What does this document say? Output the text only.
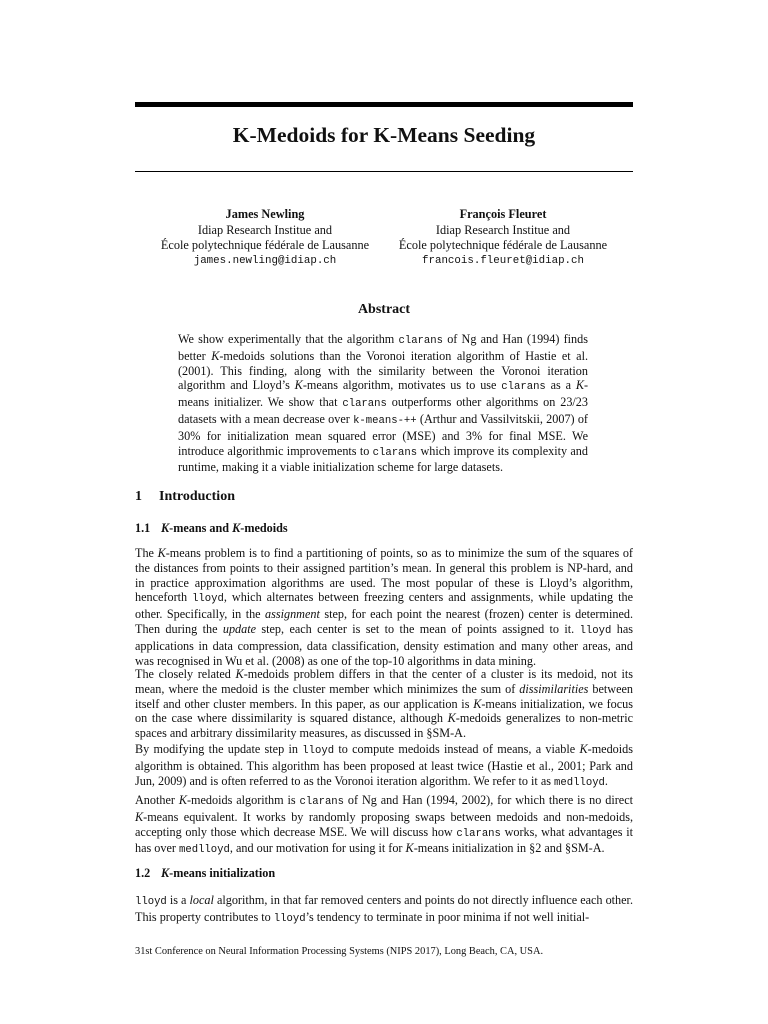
K-Medoids for K-Means Seeding
James Newling
Idiap Research Institue and
École polytechnique fédérale de Lausanne
james.newling@idiap.ch
François Fleuret
Idiap Research Institue and
École polytechnique fédérale de Lausanne
francois.fleuret@idiap.ch
Abstract
We show experimentally that the algorithm clarans of Ng and Han (1994) finds better K-medoids solutions than the Voronoi iteration algorithm of Hastie et al. (2001). This finding, along with the similarity between the Voronoi iteration algorithm and Lloyd’s K-means algorithm, motivates us to use clarans as a K-means initializer. We show that clarans outperforms other algorithms on 23/23 datasets with a mean decrease over k-means-++ (Arthur and Vassilvitskii, 2007) of 30% for initialization mean squared error (MSE) and 3% for final MSE. We introduce algorithmic improvements to clarans which improve its complexity and runtime, making it a viable initialization scheme for large datasets.
1 Introduction
1.1 K-means and K-medoids
The K-means problem is to find a partitioning of points, so as to minimize the sum of the squares of the distances from points to their assigned partition’s mean. In general this problem is NP-hard, and in practice approximation algorithms are used. The most popular of these is Lloyd’s algorithm, henceforth lloyd, which alternates between freezing centers and assignments, while updating the other. Specifically, in the assignment step, for each point the nearest (frozen) center is determined. Then during the update step, each center is set to the mean of points assigned to it. lloyd has applications in data compression, data classification, density estimation and many other areas, and was recognised in Wu et al. (2008) as one of the top-10 algorithms in data mining.
The closely related K-medoids problem differs in that the center of a cluster is its medoid, not its mean, where the medoid is the cluster member which minimizes the sum of dissimilarities between itself and other cluster members. In this paper, as our application is K-means initialization, we focus on the case where dissimilarity is squared distance, although K-medoids generalizes to non-metric spaces and arbitrary dissimilarity measures, as discussed in §SM-A.
By modifying the update step in lloyd to compute medoids instead of means, a viable K-medoids algorithm is obtained. This algorithm has been proposed at least twice (Hastie et al., 2001; Park and Jun, 2009) and is often referred to as the Voronoi iteration algorithm. We refer to it as medlloyd.
Another K-medoids algorithm is clarans of Ng and Han (1994, 2002), for which there is no direct K-means equivalent. It works by randomly proposing swaps between medoids and non-medoids, accepting only those which decrease MSE. We will discuss how clarans works, what advantages it has over medlloyd, and our motivation for using it for K-means initialization in §2 and §SM-A.
1.2 K-means initialization
lloyd is a local algorithm, in that far removed centers and points do not directly influence each other. This property contributes to lloyd’s tendency to terminate in poor minima if not well initial-
31st Conference on Neural Information Processing Systems (NIPS 2017), Long Beach, CA, USA.
